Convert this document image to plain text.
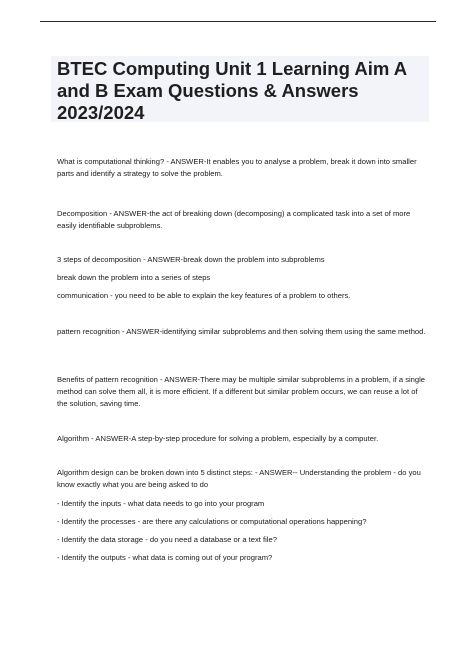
BTEC Computing Unit 1 Learning Aim A and B Exam Questions & Answers 2023/2024

What is computational thinking? - ANSWER-It enables you to analyse a problem, break it down into smaller parts and identify a strategy to solve the problem.

Decomposition - ANSWER-the act of breaking down (decomposing) a complicated task into a set of more easily identifiable subproblems.

3 steps of decomposition - ANSWER-break down the problem into subproblems

break down the problem into a series of steps

communication - you need to be able to explain the key features of a problem to others.

pattern recognition - ANSWER-identifying similar subproblems and then solving them using the same method.

Benefits of pattern recognition - ANSWER-There may be multiple similar subproblems in a problem, if a single method can solve them all, it is more efficient. If a different but similar problem occurs, we can reuse a lot of the solution, saving time.

Algorithm - ANSWER-A step-by-step procedure for solving a problem, especially by a computer.

Algorithm design can be broken down into 5 distinct steps: - ANSWER-- Understanding the problem - do you know exactly what you are being asked to do

- Identify the inputs - what data needs to go into your program

- Identify the processes - are there any calculations or computational operations happening?

- Identify the data storage - do you need a database or a text file?

- Identify the outputs - what data is coming out of your program?
